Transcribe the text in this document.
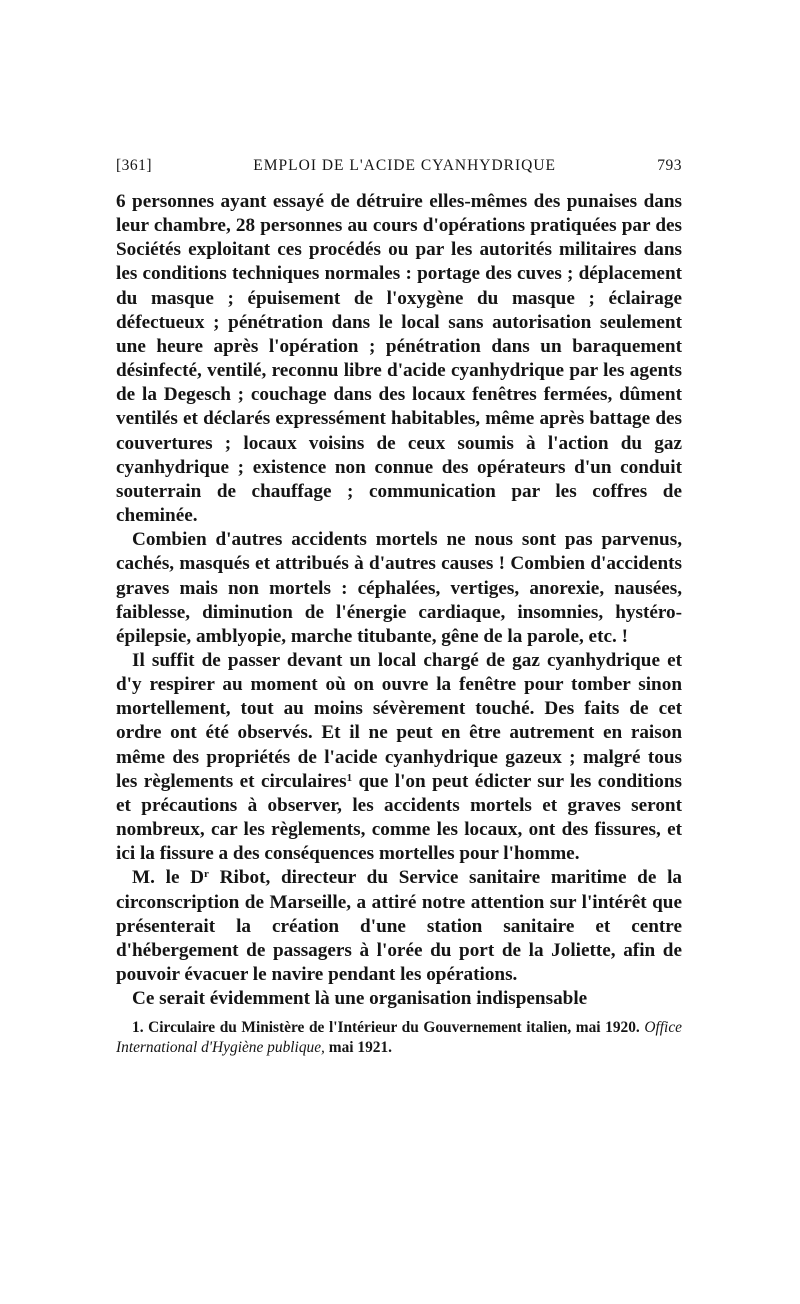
[361]	EMPLOI DE L'ACIDE CYANHYDRIQUE	793

6 personnes ayant essayé de détruire elles-mêmes des punaises dans leur chambre, 28 personnes au cours d'opérations pratiquées par des Sociétés exploitant ces procédés ou par les autorités militaires dans les conditions techniques normales : portage des cuves ; déplacement du masque ; épuisement de l'oxygène du masque ; éclairage défectueux ; pénétration dans le local sans autorisation seulement une heure après l'opération ; pénétration dans un baraquement désinfecté, ventilé, reconnu libre d'acide cyanhydrique par les agents de la Degesch ; couchage dans des locaux fenêtres fermées, dûment ventilés et déclarés expressément habitables, même après battage des couvertures ; locaux voisins de ceux soumis à l'action du gaz cyanhydrique ; existence non connue des opérateurs d'un conduit souterrain de chauffage ; communication par les coffres de cheminée.

Combien d'autres accidents mortels ne nous sont pas parvenus, cachés, masqués et attribués à d'autres causes ! Combien d'accidents graves mais non mortels : céphalées, vertiges, anorexie, nausées, faiblesse, diminution de l'énergie cardiaque, insomnies, hystéro-épilepsie, amblyopie, marche titubante, gêne de la parole, etc. !

Il suffit de passer devant un local chargé de gaz cyanhydrique et d'y respirer au moment où on ouvre la fenêtre pour tomber sinon mortellement, tout au moins sévèrement touché. Des faits de cet ordre ont été observés. Et il ne peut en être autrement en raison même des propriétés de l'acide cyanhydrique gazeux ; malgré tous les règlements et circulaires$^1$ que l'on peut édicter sur les conditions et précautions à observer, les accidents mortels et graves seront nombreux, car les règlements, comme les locaux, ont des fissures, et ici la fissure a des conséquences mortelles pour l'homme.

M. le $D^r$ Ribot, directeur du Service sanitaire maritime de la circonscription de Marseille, a attiré notre attention sur l'intérêt que présenterait la création d'une station sanitaire et centre d'hébergement de passagers à l'orée du port de la Joliette, afin de pouvoir évacuer le navire pendant les opérations.

Ce serait évidemment là une organisation indispensable

1. Circulaire du Ministère de l'Intérieur du Gouvernement italien, mai 1920. Office International d'Hygiène publique, mai 1921.
